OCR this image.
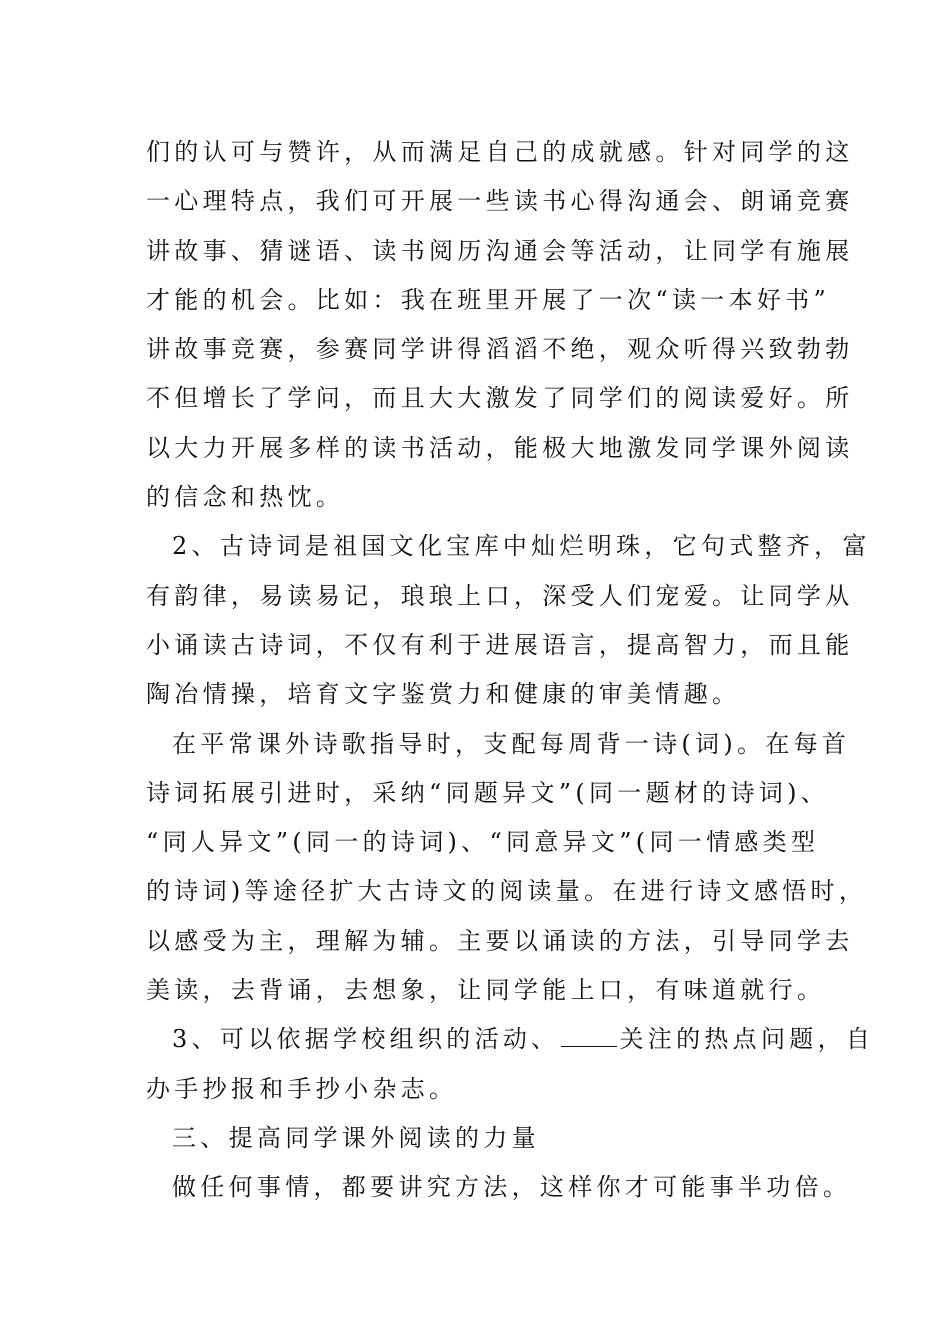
们的认可与赞许，从而满足自己的成就感。针对同学的这
一心理特点，我们可开展一些读书心得沟通会、朗诵竞赛
讲故事、猜谜语、读书阅历沟通会等活动，让同学有施展
才能的机会。比如：我在班里开展了一次“读一本好书”
讲故事竞赛，参赛同学讲得滔滔不绝，观众听得兴致勃勃
不但增长了学问，而且大大激发了同学们的阅读爱好。所
以大力开展多样的读书活动，能极大地激发同学课外阅读
的信念和热忱。
2、古诗词是祖国文化宝库中灿烂明珠，它句式整齐，富
有韵律，易读易记，琅琅上口，深受人们宠爱。让同学从
小诵读古诗词，不仅有利于进展语言，提高智力，而且能
陶冶情操，培育文字鉴赏力和健康的审美情趣。
在平常课外诗歌指导时，支配每周背一诗(词)。在每首
诗词拓展引进时，采纳“同题异文”(同一题材的诗词)、
“同人异文”(同一的诗词)、“同意异文”(同一情感类型
的诗词)等途径扩大古诗文的阅读量。在进行诗文感悟时，
以感受为主，理解为辅。主要以诵读的方法，引导同学去
美读，去背诵，去想象，让同学能上口，有味道就行。
3、可以依据学校组织的活动、	关注的热点问题，自
办手抄报和手抄小杂志。
三、提高同学课外阅读的力量
做任何事情，都要讲究方法，这样你才可能事半功倍。
